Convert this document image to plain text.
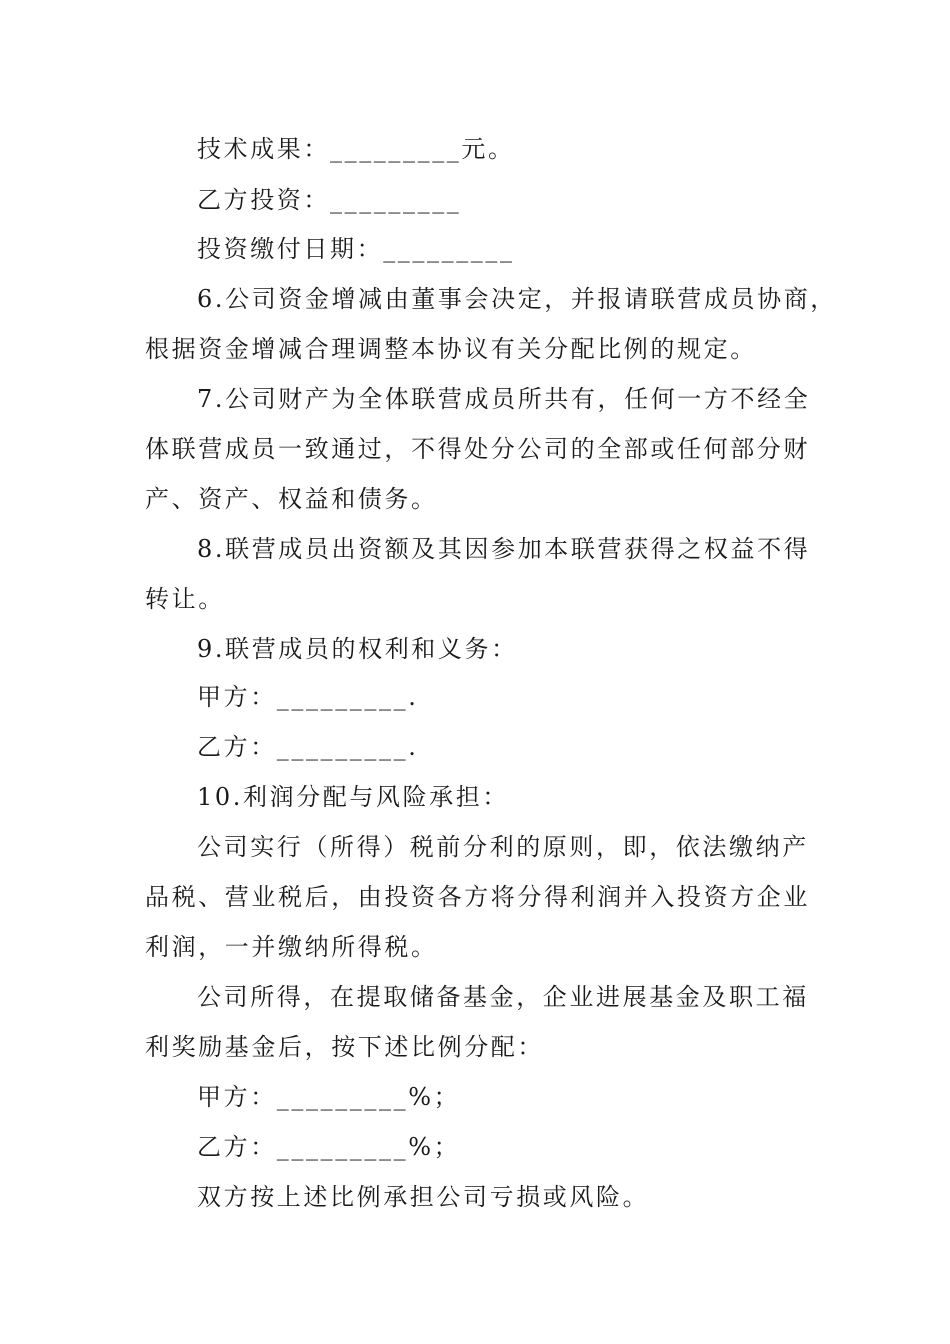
技术成果：_________元。

乙方投资：_________

投资缴付日期：_________

6.公司资金增减由董事会决定，并报请联营成员协商，

根据资金增减合理调整本协议有关分配比例的规定。

7.公司财产为全体联营成员所共有，任何一方不经全

体联营成员一致通过，不得处分公司的全部或任何部分财

产、资产、权益和债务。

8.联营成员出资额及其因参加本联营获得之权益不得

转让。

9.联营成员的权利和义务：

甲方：_________.

乙方：_________.

10.利润分配与风险承担：

公司实行（所得）税前分利的原则，即，依法缴纳产

品税、营业税后，由投资各方将分得利润并入投资方企业

利润，一并缴纳所得税。

公司所得，在提取储备基金，企业进展基金及职工福

利奖励基金后，按下述比例分配：

甲方：_________%；

乙方：_________%；

双方按上述比例承担公司亏损或风险。
